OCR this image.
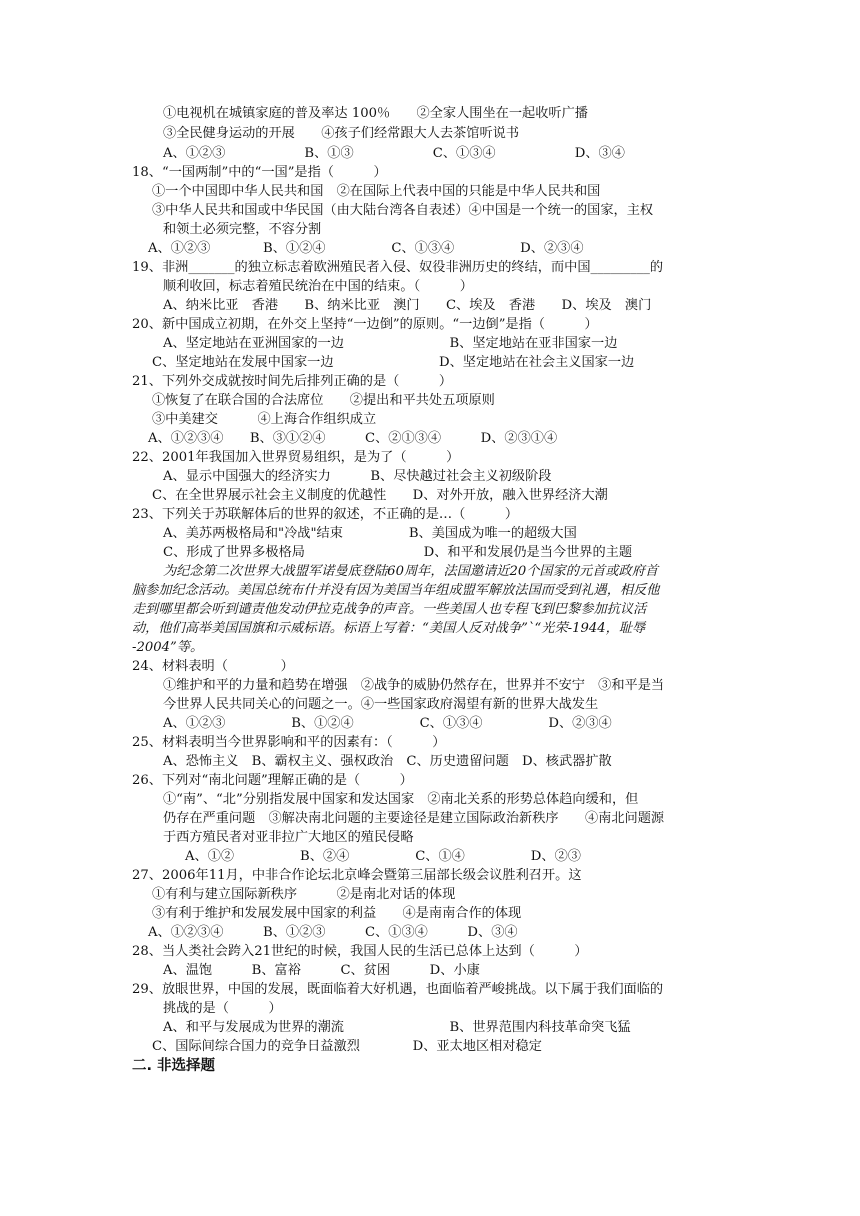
①电视机在城镇家庭的普及率达 100％　　②全家人围坐在一起收听广播
③全民健身运动的开展　　④孩子们经常跟大人去茶馆听说书
A、①②③　　　　　　B、①③　　　　　　C、①③④　　　　　　D、③④
18、“一国两制”中的“一国”是指（　　　）
①一个中国即中华人民共和国　②在国际上代表中国的只能是中华人民共和国
③中华人民共和国或中华民国（由大陆台湾各自表述）④中国是一个统一的国家，主权
和领土必须完整，不容分割
A、①②③　　　　B、①②④　　　　　C、①③④　　　　　D、②③④
19、非洲_______的独立标志着欧洲殖民者入侵、奴役非洲历史的终结，而中国_________的
顺利收回，标志着殖民统治在中国的结束。（　　　）
A、纳米比亚　香港　　B、纳米比亚　澳门　　C、埃及　香港　　D、埃及　澳门
20、新中国成立初期，在外交上坚持“一边倒”的原则。“一边倒”是指（　　　）
A、坚定地站在亚洲国家的一边　　　　　　　　B、坚定地站在亚非国家一边
C、坚定地站在发展中国家一边　　　　　　　　D、坚定地站在社会主义国家一边
21、下列外交成就按时间先后排列正确的是（　　　）
①恢复了在联合国的合法席位　　②提出和平共处五项原则
③中美建交　　　④上海合作组织成立
A、①②③④　　B、③①②④　　　C、②①③④　　　D、②③①④
22、2001年我国加入世界贸易组织，是为了（　　　）
A、显示中国强大的经济实力　　　B、尽快越过社会主义初级阶段
C、在全世界展示社会主义制度的优越性　　D、对外开放，融入世界经济大潮
23、下列关于苏联解体后的世界的叙述，不正确的是…（　　　）
A、美苏两极格局和"冷战"结束　　　　　B、美国成为唯一的超级大国
C、形成了世界多极格局　　　　　　　　　D、和平和发展仍是当今世界的主题
为纪念第二次世界大战盟军诺曼底登陆60周年，法国邀请近20个国家的元首或政府首
脑参加纪念活动。美国总统布什并没有因为美国当年组成盟军解放法国而受到礼遇，相反他
走到哪里都会听到谴责他发动伊拉克战争的声音。一些美国人也专程飞到巴黎参加抗议活
动，他们高举美国国旗和示威标语。标语上写着：“美国人反对战争”`“光荣-1944，耻辱
-2004”等。
24、材料表明（　　　　）
①维护和平的力量和趋势在增强　②战争的威胁仍然存在，世界并不安宁　③和平是当
今世界人民共同关心的问题之一。④一些国家政府渴望有新的世界大战发生
A、①②③　　　　　B、①②④　　　　　C、①③④　　　　　D、②③④
25、材料表明当今世界影响和平的因素有：（　　　）
A、恐怖主义　B、霸权主义、强权政治　C、历史遗留问题　D、核武器扩散
26、下列对“南北问题”理解正确的是（　　　）
①“南”、“北”分别指发展中国家和发达国家　②南北关系的形势总体趋向缓和，但
仍存在严重问题　③解决南北问题的主要途径是建立国际政治新秩序　　④南北问题源
于西方殖民者对亚非拉广大地区的殖民侵略
A、①②　　　　　B、②④　　　　　C、①④　　　　　D、②③
27、2006年11月，中非合作论坛北京峰会暨第三届部长级会议胜利召开。这
①有利与建立国际新秩序　　　②是南北对话的体现
③有利于维护和发展发展中国家的利益　　④是南南合作的体现
A、①②③④　　　B、①②③　　　C、①③④　　　D、③④
28、当人类社会跨入21世纪的时候，我国人民的生活已总体上达到（　　　）
A、温饱　　　B、富裕　　　C、贫困　　　D、小康
29、放眼世界，中国的发展，既面临着大好机遇，也面临着严峻挑战。以下属于我们面临的
挑战的是（　　　）
A、和平与发展成为世界的潮流　　　　　　　　B、世界范围内科技革命突飞猛
C、国际间综合国力的竞争日益激烈　　　　D、亚太地区相对稳定
二. 非选择题
